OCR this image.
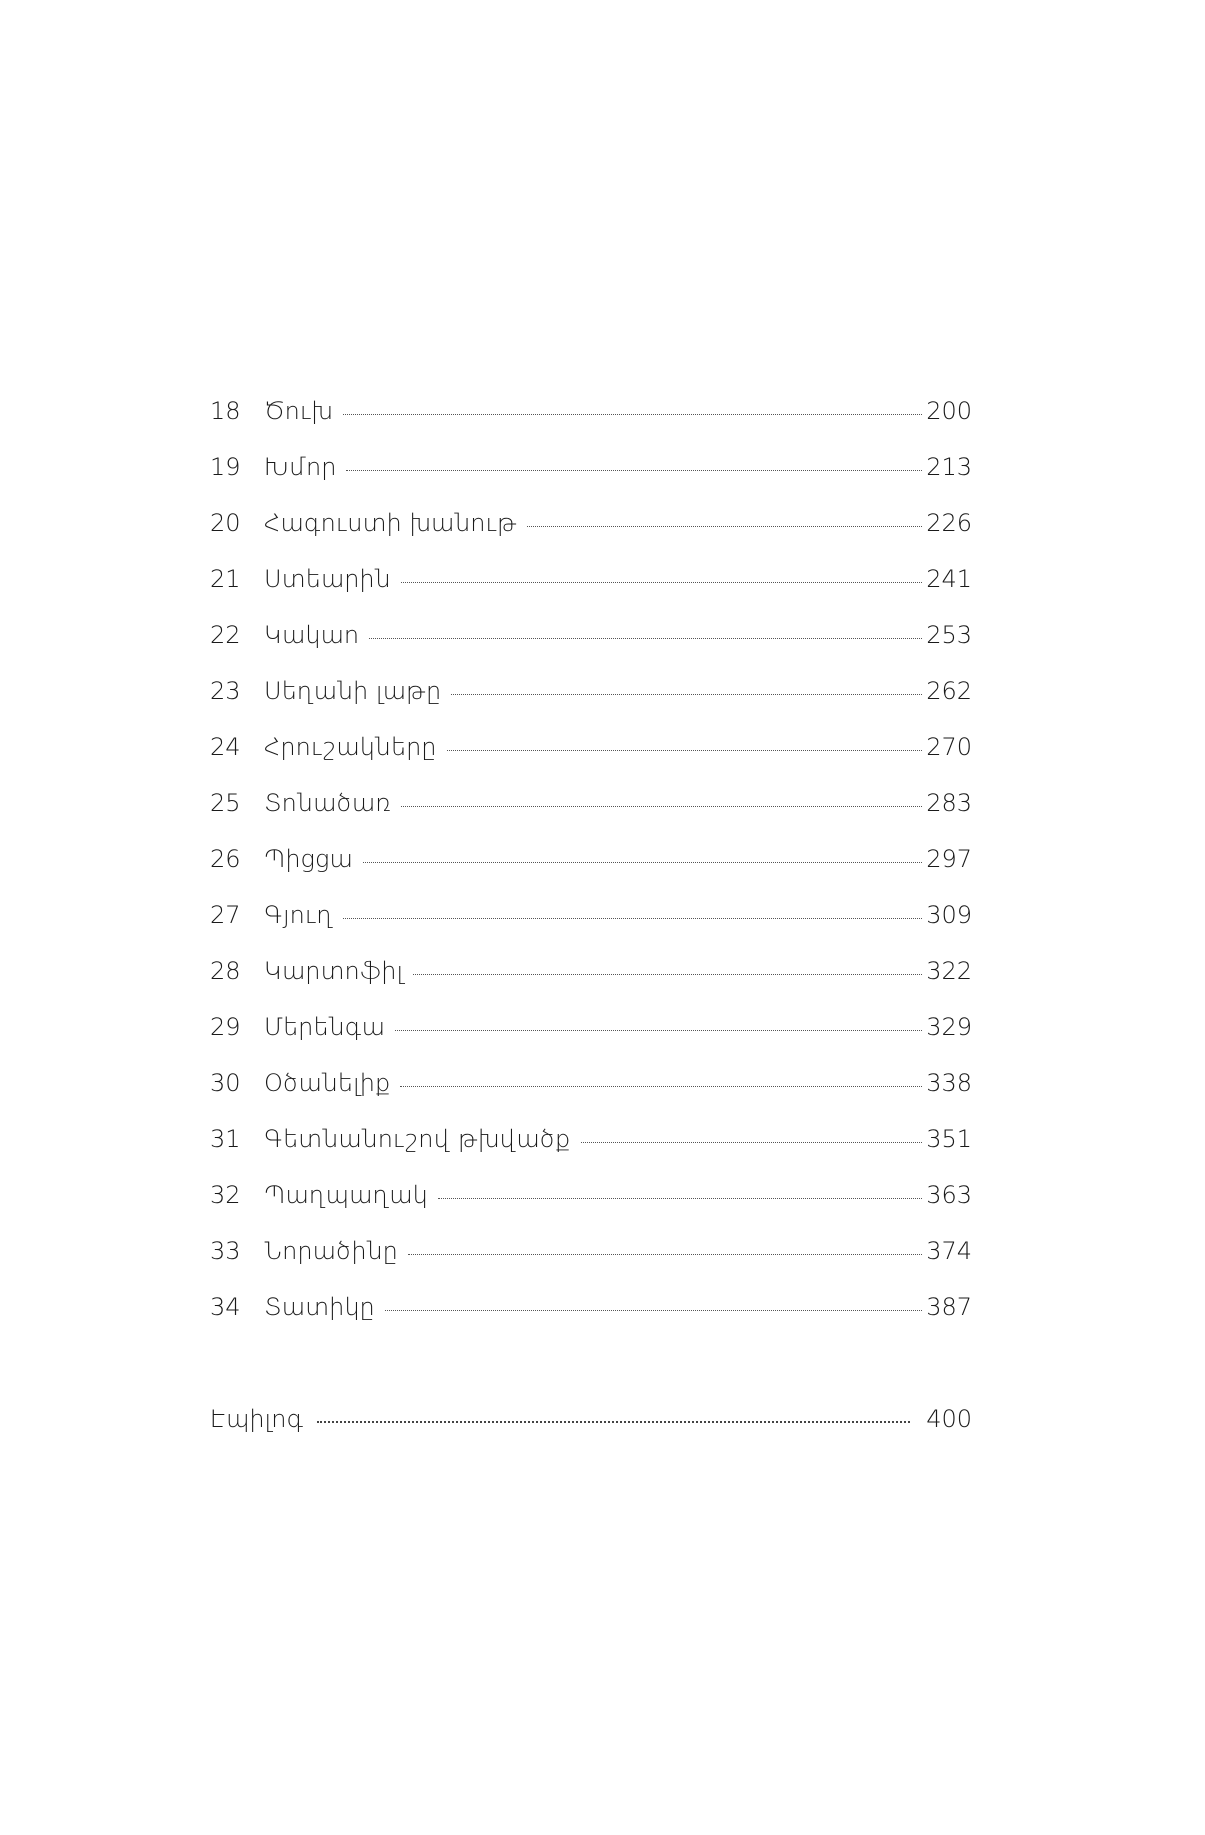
18 Ծուխ	200
19 Խմոր	213
20 Հագուստի խանութ	226
21 Ստեարին	241
22 Կակաո	253
23 Սեղանի լաթը	262
24 Հրուշակները	270
25 Տոնածառ	283
26 Պիցցա	297
27 Գյուղ	309
28 Կարտոֆիլ	322
29 Մերենգա	329
30 Օծանելիք	338
31 Գետնանուշով թխվածք	351
32 Պաղպաղակ	363
33 Նորածինը	374
34 Տատիկը	387
Էպիլոգ	400
